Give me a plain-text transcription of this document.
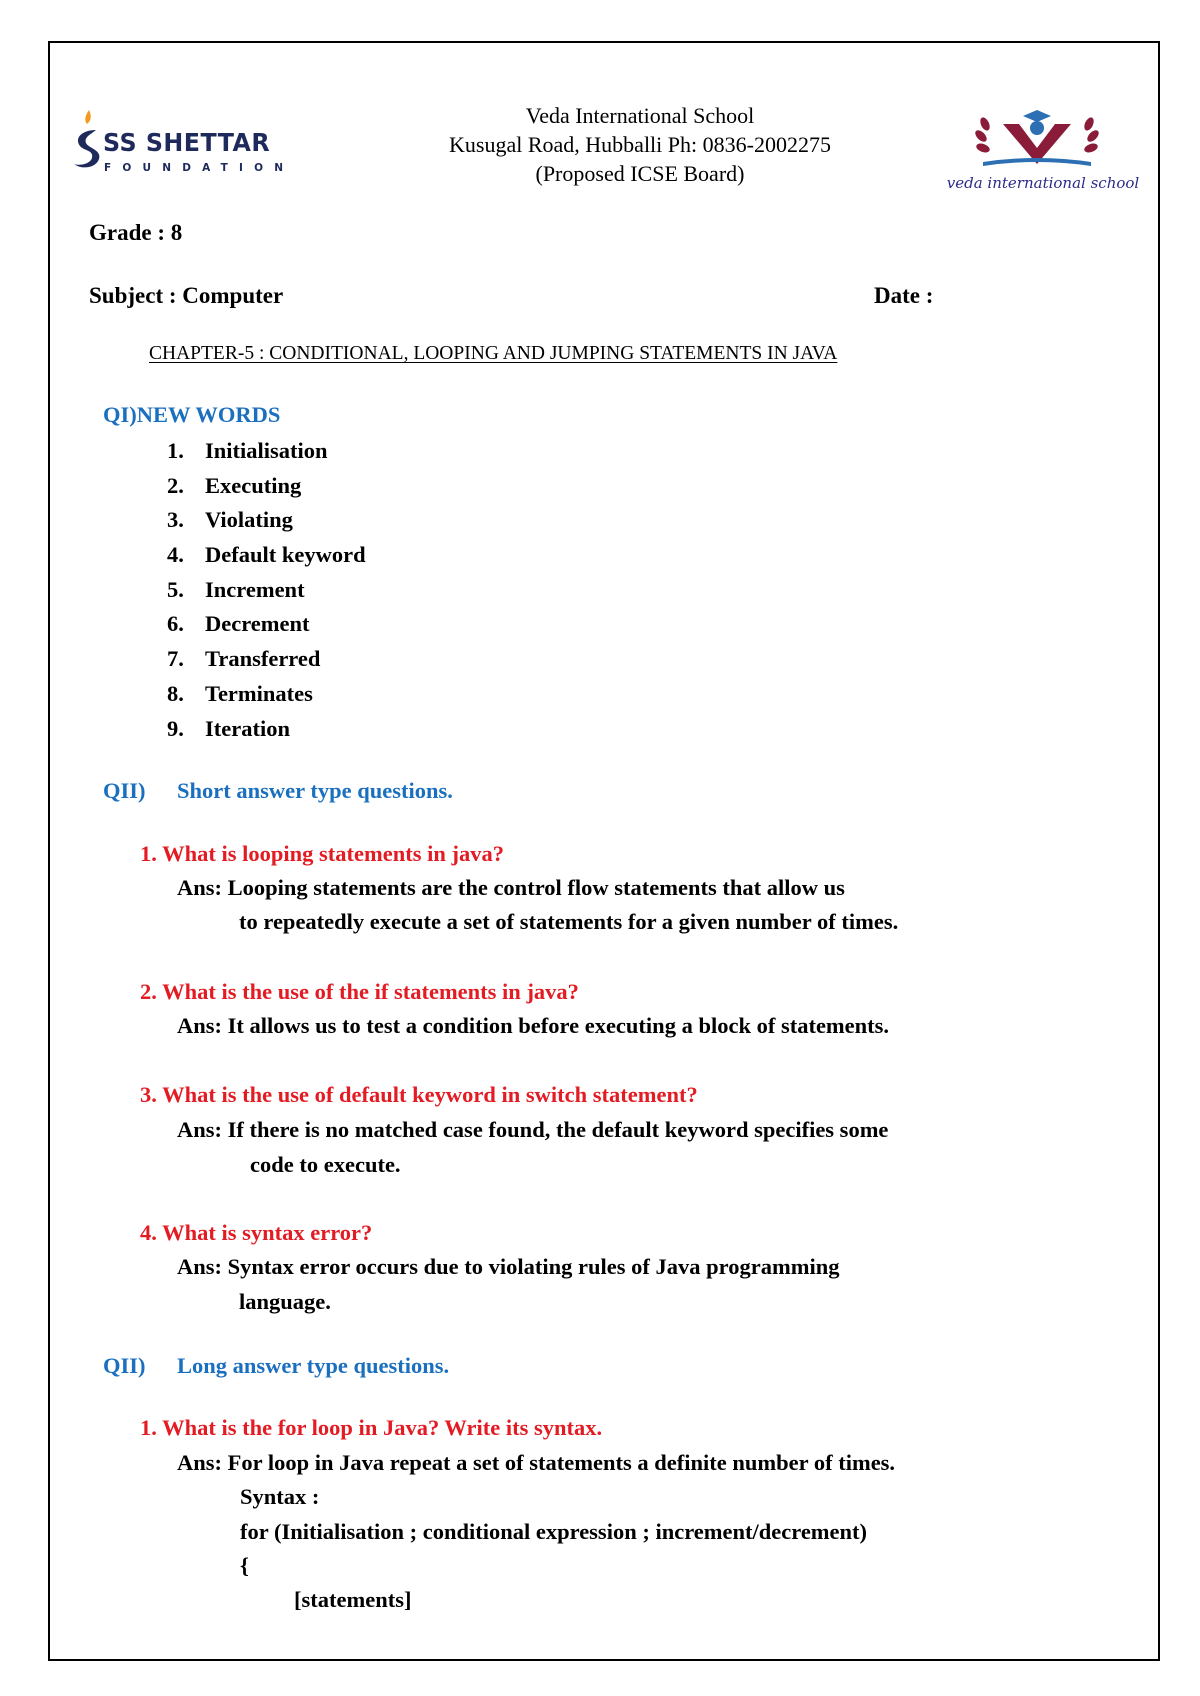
SS SHETTAR
FOUNDATION
Veda International School
Kusugal Road, Hubballi Ph: 0836-2002275
(Proposed ICSE Board)	veda international school
Grade : 8
Subject : Computer	Date :
CHAPTER-5 : CONDITIONAL, LOOPING AND JUMPING STATEMENTS IN JAVA
QI)NEW WORDS
1. Initialisation
2. Executing
3. Violating
4. Default keyword
5. Increment
6. Decrement
7. Transferred
8. Terminates
9. Iteration
QII) Short answer type questions.
1. What is looping statements in java?
Ans: Looping statements are the control flow statements that allow us
to repeatedly execute a set of statements for a given number of times.
2. What is the use of the if statements in java?
Ans: It allows us to test a condition before executing a block of statements.
3. What is the use of default keyword in switch statement?
Ans: If there is no matched case found, the default keyword specifies some
code to execute.
4. What is syntax error?
Ans: Syntax error occurs due to violating rules of Java programming
language.
QII) Long answer type questions.
1. What is the for loop in Java? Write its syntax.
Ans: For loop in Java repeat a set of statements a definite number of times.
Syntax :
for (Initialisation ; conditional expression ; increment/decrement)
{
[statements]
